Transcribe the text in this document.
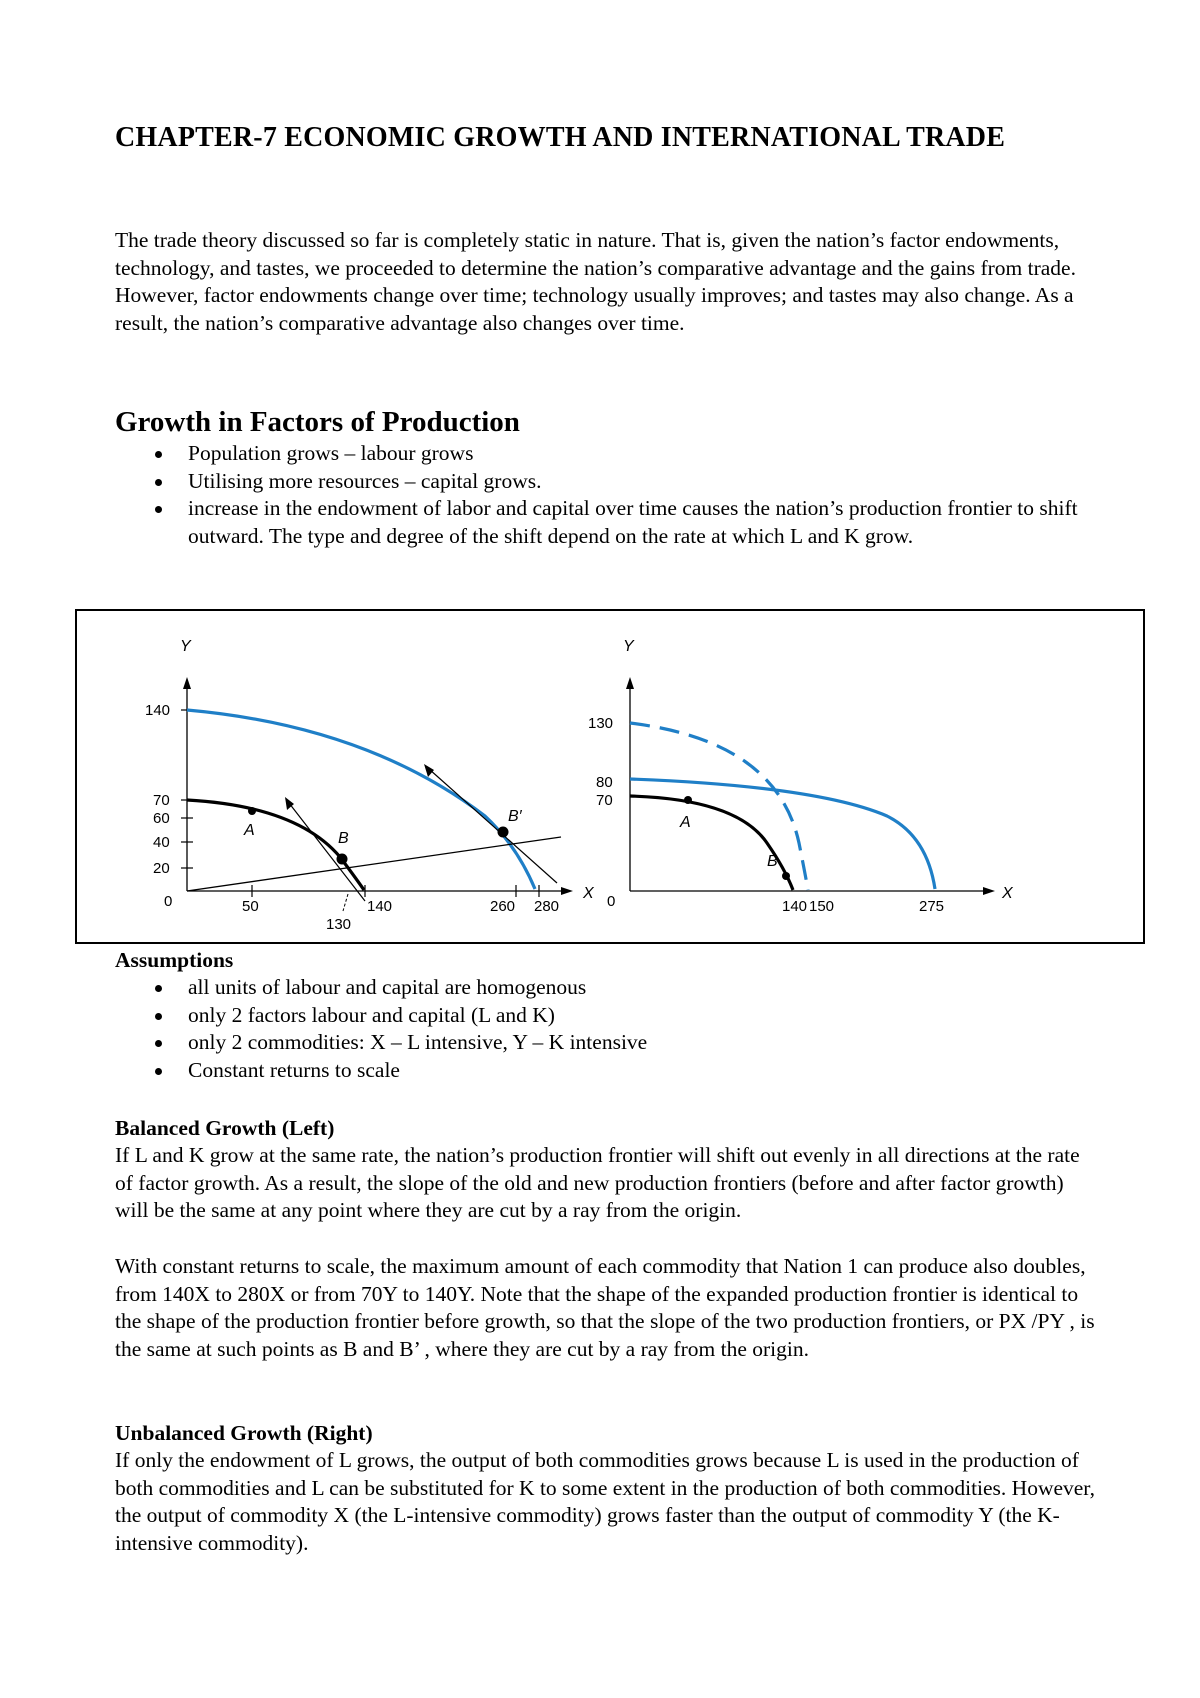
CHAPTER-7 ECONOMIC GROWTH AND INTERNATIONAL TRADE

The trade theory discussed so far is completely static in nature. That is, given the nation’s factor endowments, technology, and tastes, we proceeded to determine the nation’s comparative advantage and the gains from trade. However, factor endowments change over time; technology usually improves; and tastes may also change. As a result, the nation’s comparative advantage also changes over time.

Growth in Factors of Production
Population grows – labour grows
Utilising more resources – capital grows.
increase in the endowment of labor and capital over time causes the nation’s production frontier to shift outward. The type and degree of the shift depend on the rate at which L and K grow.
Y
X
0
140
70
60
40
20
50	140	260 280
130
A	B
B′
Y
X
0
130
80
70
140 150	275
A
B

Assumptions

all units of labour and capital are homogenous
only 2 factors labour and capital (L and K)
only 2 commodities: X – L intensive, Y – K intensive
Constant returns to scale

Balanced Growth (Left)

If L and K grow at the same rate, the nation’s production frontier will shift out evenly in all directions at the rate of factor growth. As a result, the slope of the old and new production frontiers (before and after factor growth) will be the same at any point where they are cut by a ray from the origin.

With constant returns to scale, the maximum amount of each commodity that Nation 1 can produce also doubles, from 140X to 280X or from 70Y to 140Y. Note that the shape of the expanded production frontier is identical to the shape of the production frontier before growth, so that the slope of the two production frontiers, or PX /PY , is the same at such points as B and B’ , where they are cut by a ray from the origin.

Unbalanced Growth (Right)

If only the endowment of L grows, the output of both commodities grows because L is used in the production of both commodities and L can be substituted for K to some extent in the production of both commodities. However, the output of commodity X (the L-intensive commodity) grows faster than the output of commodity Y (the K-intensive commodity).
